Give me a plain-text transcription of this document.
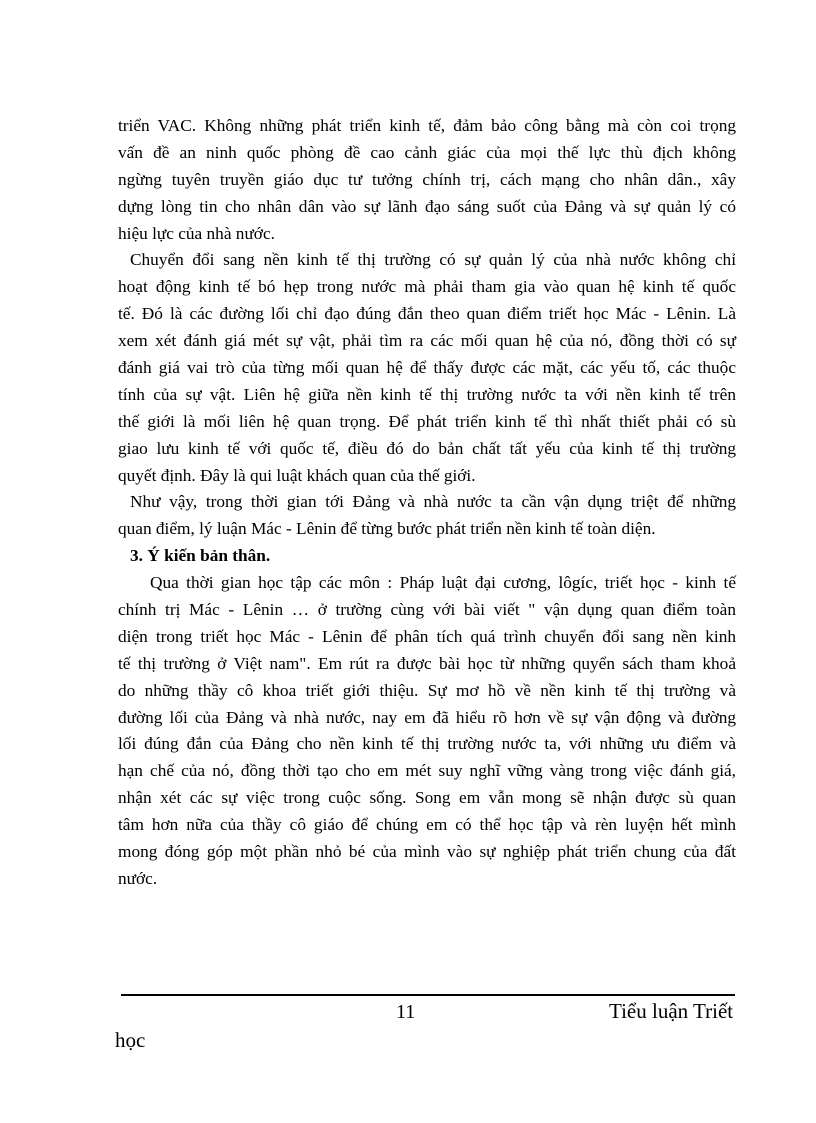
triển VAC. Không những phát triển kinh tế, đảm bảo công bằng mà còn coi trọng
vấn đề an ninh quốc phòng đề cao cảnh giác của mọi thế lực thù địch không
ngừng tuyên truyền giáo dục tư tưởng chính trị, cách mạng cho nhân dân., xây
dựng lòng tin cho nhân dân vào sự lãnh đạo sáng suốt của Đảng và sự quản lý có
hiệu lực của nhà nước.
Chuyển đổi sang nền kinh tế thị trường có sự quản lý của nhà nước không chỉ
hoạt động kinh tế bó hẹp trong nước mà phải tham gia vào quan hệ kinh tế quốc
tế. Đó là các đường lối chỉ đạo đúng đắn theo quan điểm triết học Mác - Lênin. Là
xem xét đánh giá mét sự vật, phải tìm ra các mối quan hệ của nó, đồng thời có sự
đánh giá vai trò của từng mối quan hệ để thấy được các mặt, các yếu tố, các thuộc
tính của sự vật. Liên hệ giữa nền kinh tế thị trường nước ta với nền kinh tế trên
thế giới là mối liên hệ quan trọng. Để phát triển kinh tế thì nhất thiết phải có sù
giao lưu kinh tế với quốc tế, điều đó do bản chất tất yếu của kinh tế thị trường
quyết định. Đây là qui luật khách quan của thế giới.
Như vậy, trong thời gian tới Đảng và nhà nước ta cần vận dụng triệt để những
quan điểm, lý luận Mác - Lênin để từng bước phát triển nền kinh tế toàn diện.
3. Ý kiến bản thân.
Qua thời gian học tập các môn : Pháp luật đại cương, lôgíc, triết học - kinh tế
chính trị Mác - Lênin … ở trường cùng với bài viết " vận dụng quan điểm toàn
diện trong triết học Mác - Lênin để phân tích quá trình chuyển đổi sang nền kinh
tế thị trường ở Việt nam". Em rút ra được bài học từ những quyển sách tham khoả
do những thầy cô khoa triết giới thiệu. Sự mơ hồ về nền kinh tế thị trường và
đường lối của Đảng và nhà nước, nay em đã hiểu rõ hơn về sự vận động và đường
lối đúng đắn của Đảng cho nền kinh tế thị trường nước ta, với những ưu điểm và
hạn chế của nó, đồng thời tạo cho em mét suy nghĩ vững vàng trong việc đánh giá,
nhận xét các sự việc trong cuộc sống. Song em vẫn mong sẽ nhận được sù quan
tâm hơn nữa của thầy cô giáo để chúng em có thể học tập và rèn luyện hết mình
mong đóng góp một phần nhỏ bé của mình vào sự nghiệp phát triển chung của đất
nước.
11	Tiểu luận Triết
học
